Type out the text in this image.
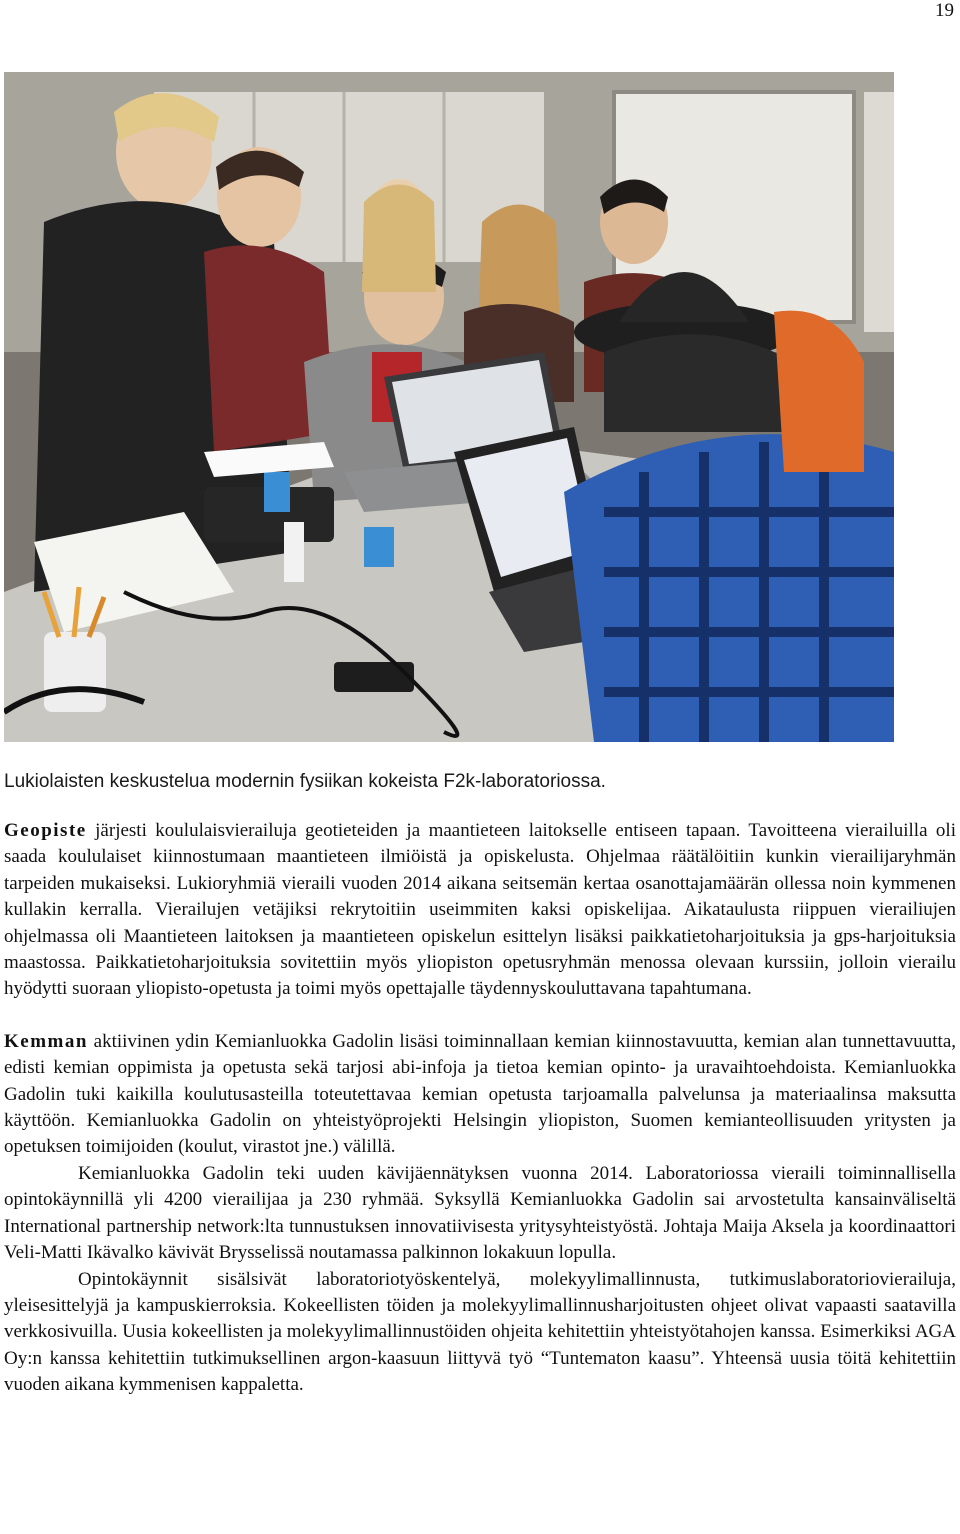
19
Lukiolaisten keskustelua modernin fysiikan kokeista F2k-laboratoriossa.

Geopiste järjesti koululaisvierailuja geotieteiden ja maantieteen laitokselle entiseen tapaan. Tavoitteena vierailuilla oli saada koululaiset kiinnostumaan maantieteen ilmiöistä ja opiskelusta. Ohjelmaa räätälöitiin kunkin vierailijaryhmän tarpeiden mukaiseksi. Lukioryhmiä vieraili vuoden 2014 aikana seitsemän kertaa osanottajamäärän ollessa noin kymmenen kullakin kerralla. Vierailujen vetäjiksi rekrytoitiin useimmiten kaksi opiskelijaa. Aikataulusta riippuen vierailiujen ohjelmassa oli Maantieteen laitoksen ja maantieteen opiskelun esittelyn lisäksi paikkatietoharjoituksia ja gps-harjoituksia maastossa. Paikkatietoharjoituksia sovitettiin myös yliopiston opetusryhmän menossa olevaan kurssiin, jolloin vierailu hyödytti suoraan yliopisto-opetusta ja toimi myös opettajalle täydennyskouluttavana tapahtumana.

Kemman aktiivinen ydin Kemianluokka Gadolin lisäsi toiminnallaan kemian kiinnostavuutta, kemian alan tunnettavuutta, edisti kemian oppimista ja opetusta sekä tarjosi abi-infoja ja tietoa kemian opinto- ja uravaihtoehdoista. Kemianluokka Gadolin tuki kaikilla koulutusasteilla toteutettavaa kemian opetusta tarjoamalla palvelunsa ja materiaalinsa maksutta käyttöön. Kemianluokka Gadolin on yhteistyöprojekti Helsingin yliopiston, Suomen kemianteollisuuden yritysten ja opetuksen toimijoiden (koulut, virastot jne.) välillä.

Kemianluokka Gadolin teki uuden kävijäennätyksen vuonna 2014. Laboratoriossa vieraili toiminnallisella opintokäynnillä yli 4200 vierailijaa ja 230 ryhmää. Syksyllä Kemianluokka Gadolin sai arvostetulta kansainväliseltä International partnership network:lta tunnustuksen innovatiivisesta yritysyhteistyöstä. Johtaja Maija Aksela ja koordinaattori Veli-Matti Ikävalko kävivät Brysselissä noutamassa palkinnon lokakuun lopulla.

Opintokäynnit sisälsivät laboratoriotyöskentelyä, molekyylimallinnusta, tutkimuslaboratoriovierailuja, yleisesittelyjä ja kampuskierroksia. Kokeellisten töiden ja molekyylimallinnusharjoitusten ohjeet olivat vapaasti saatavilla verkkosivuilla. Uusia kokeellisten ja molekyylimallinnustöiden ohjeita kehitettiin yhteistyötahojen kanssa. Esimerkiksi AGA Oy:n kanssa kehitettiin tutkimuksellinen argon-kaasuun liittyvä työ “Tuntematon kaasu”. Yhteensä uusia töitä kehitettiin vuoden aikana kymmenisen kappaletta.
